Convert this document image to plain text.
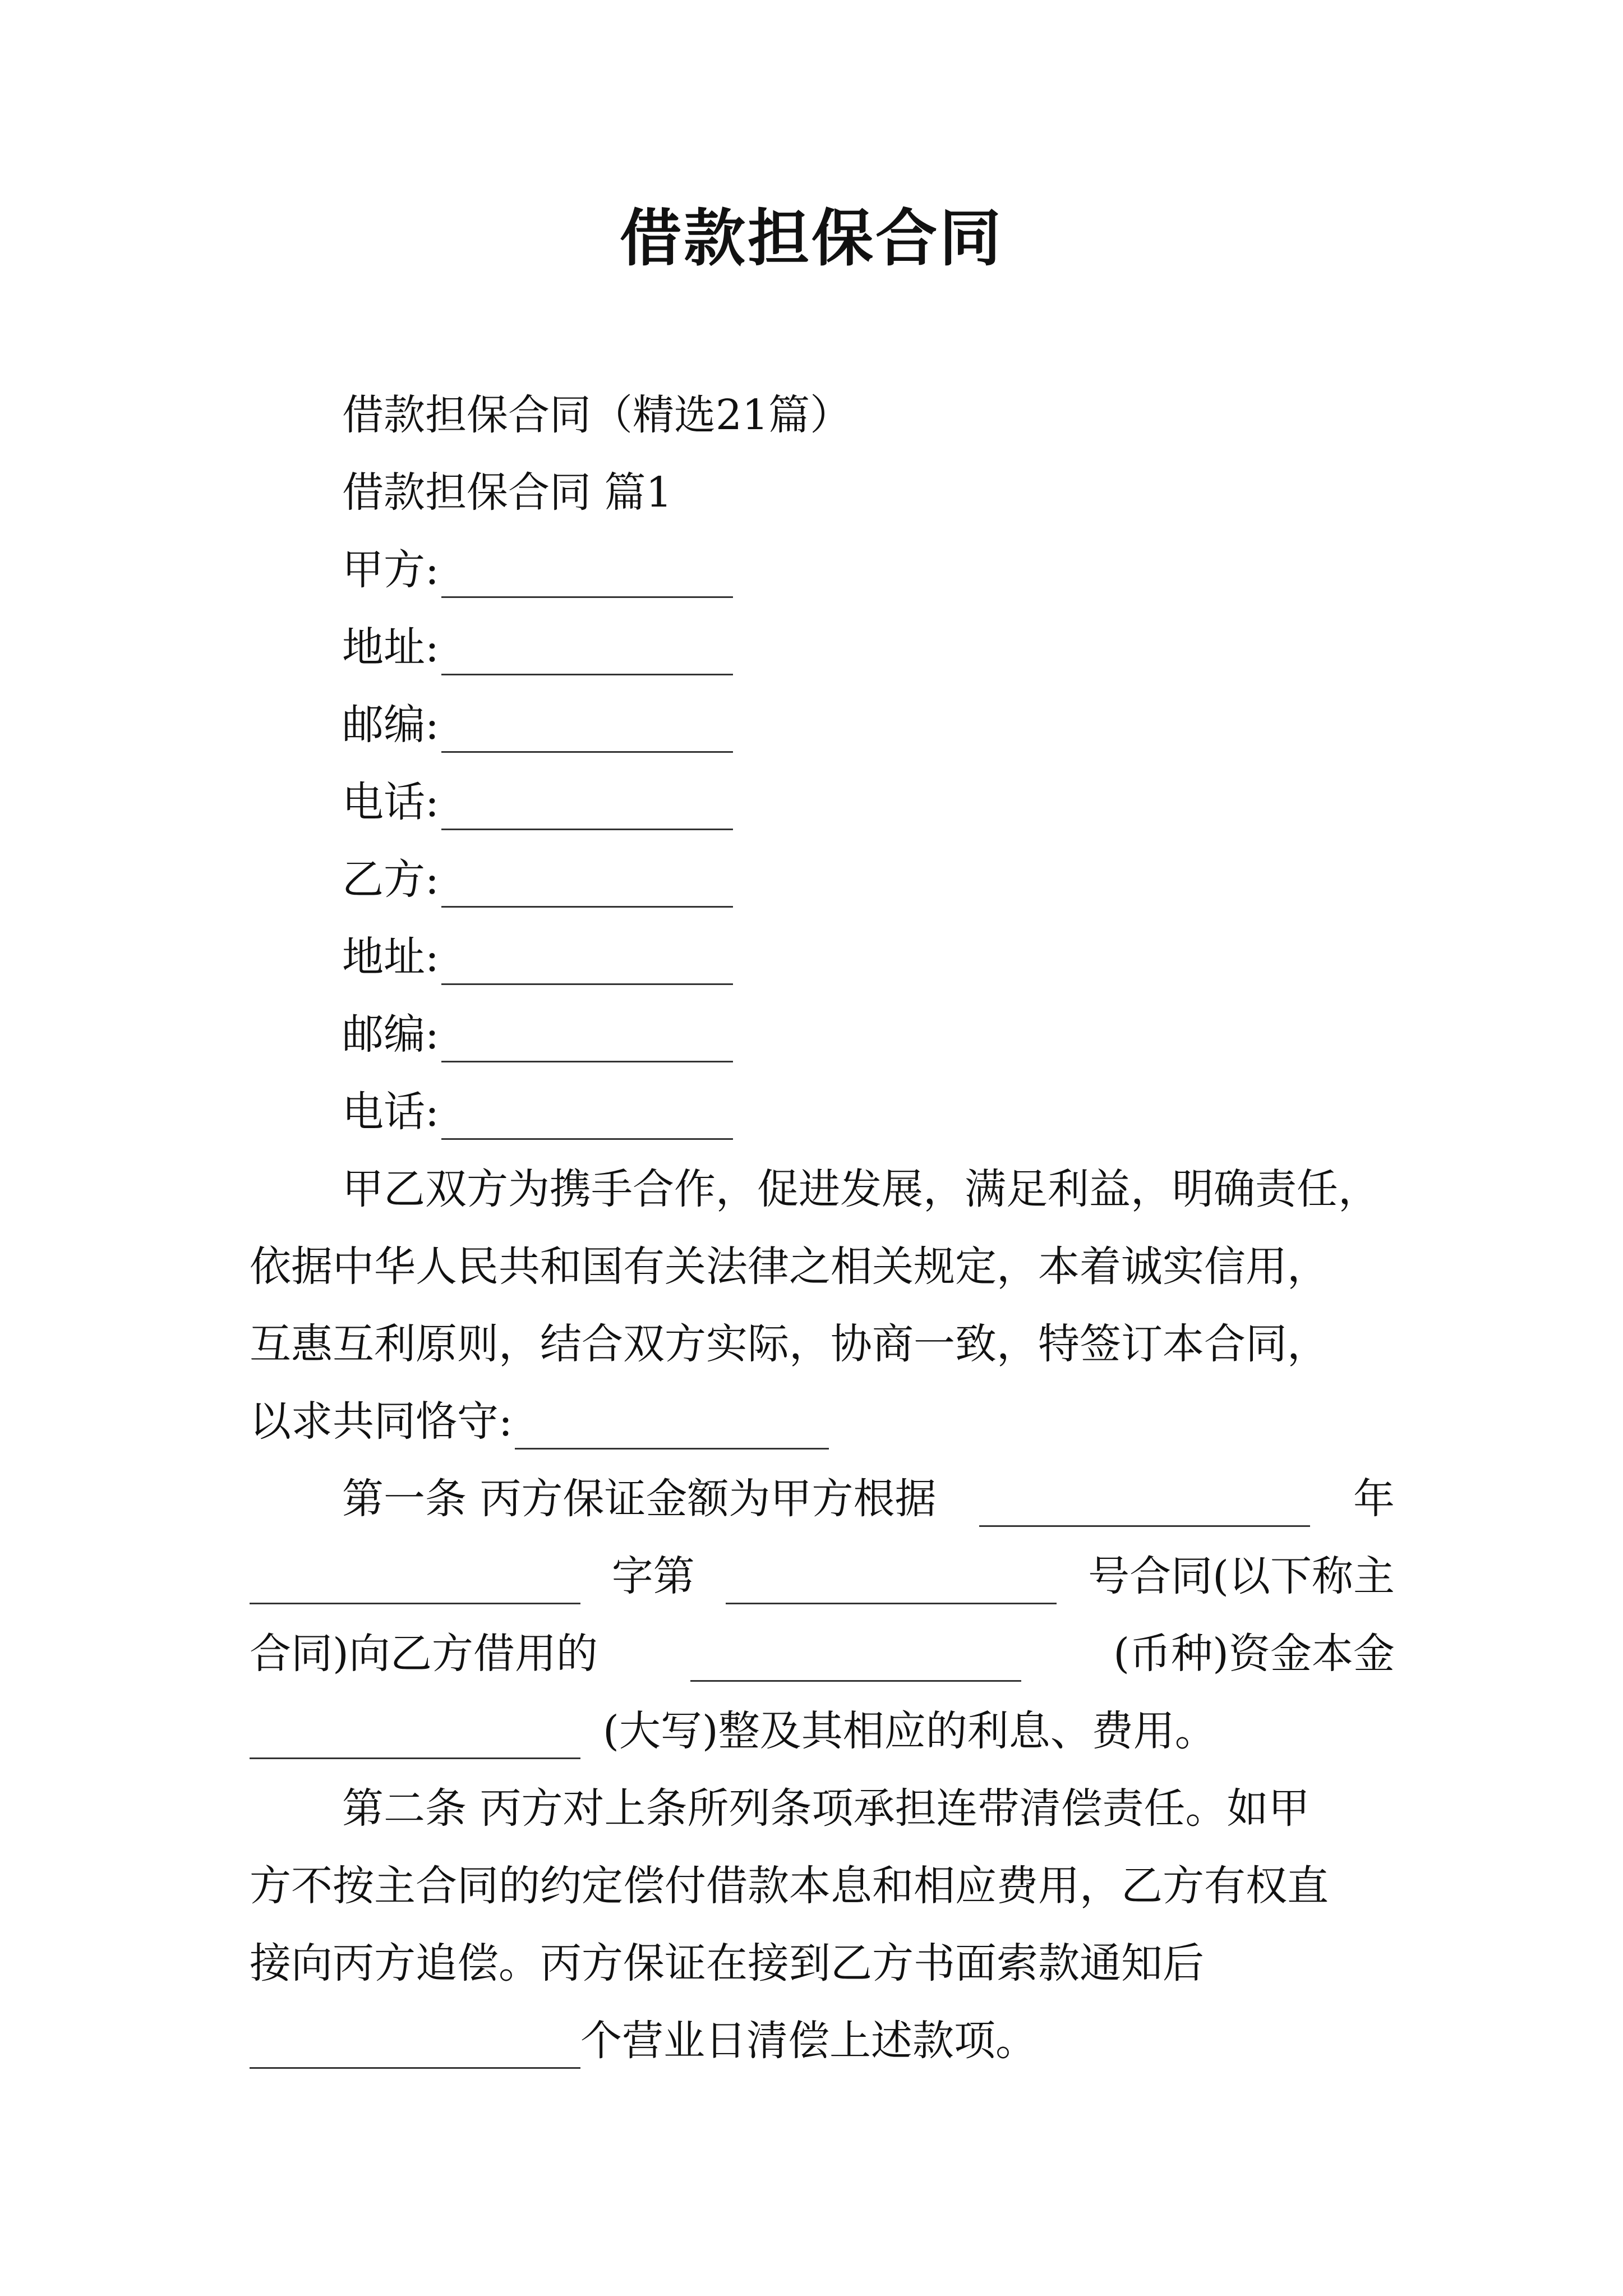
借款担保合同
借款担保合同（精选21篇）
借款担保合同 篇1
甲方:
地址:
邮编:
电话:
乙方:
地址:
邮编:
电话:
甲乙双方为携手合作，促进发展，满足利益，明确责任，
依据中华人民共和国有关法律之相关规定，本着诚实信用，
互惠互利原则，结合双方实际，协商一致，特签订本合同，
以求共同恪守:
第一条 丙方保证金额为甲方根据	年
字第	号合同(以下称主
合同)向乙方借用的	(币种)资金本金
(大写)整及其相应的利息、费用。
第二条 丙方对上条所列条项承担连带清偿责任。如甲
方不按主合同的约定偿付借款本息和相应费用，乙方有权直
接向丙方追偿。丙方保证在接到乙方书面索款通知后
个营业日清偿上述款项。
